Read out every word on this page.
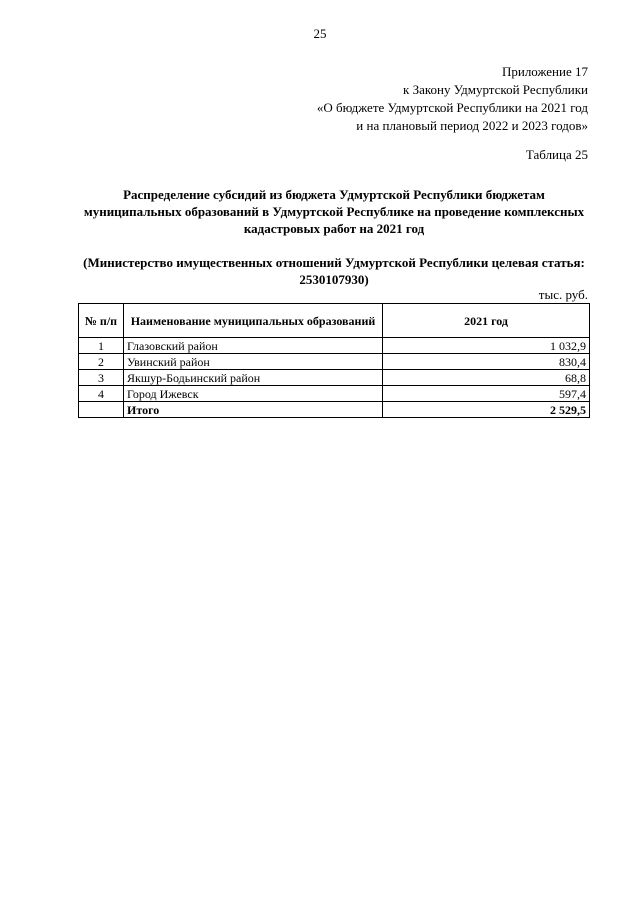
25
Приложение 17
к Закону Удмуртской Республики
«О бюджете Удмуртской Республики на 2021 год
и на плановый период 2022 и 2023 годов»
Таблица 25
Распределение субсидий из бюджета Удмуртской Республики бюджетам
муниципальных образований в Удмуртской Республике на проведение комплексных
кадастровых работ на 2021 год
(Министерство имущественных отношений Удмуртской Республики целевая статья:
2530107930)
тыс. руб.
№ п/п	Наименование муниципальных образований	2021 год
1	Глазовский район	1 032,9
2	Увинский район	830,4
3	Якшур-Бодьинский район	68,8
4	Город Ижевск	597,4
	Итого	2 529,5
